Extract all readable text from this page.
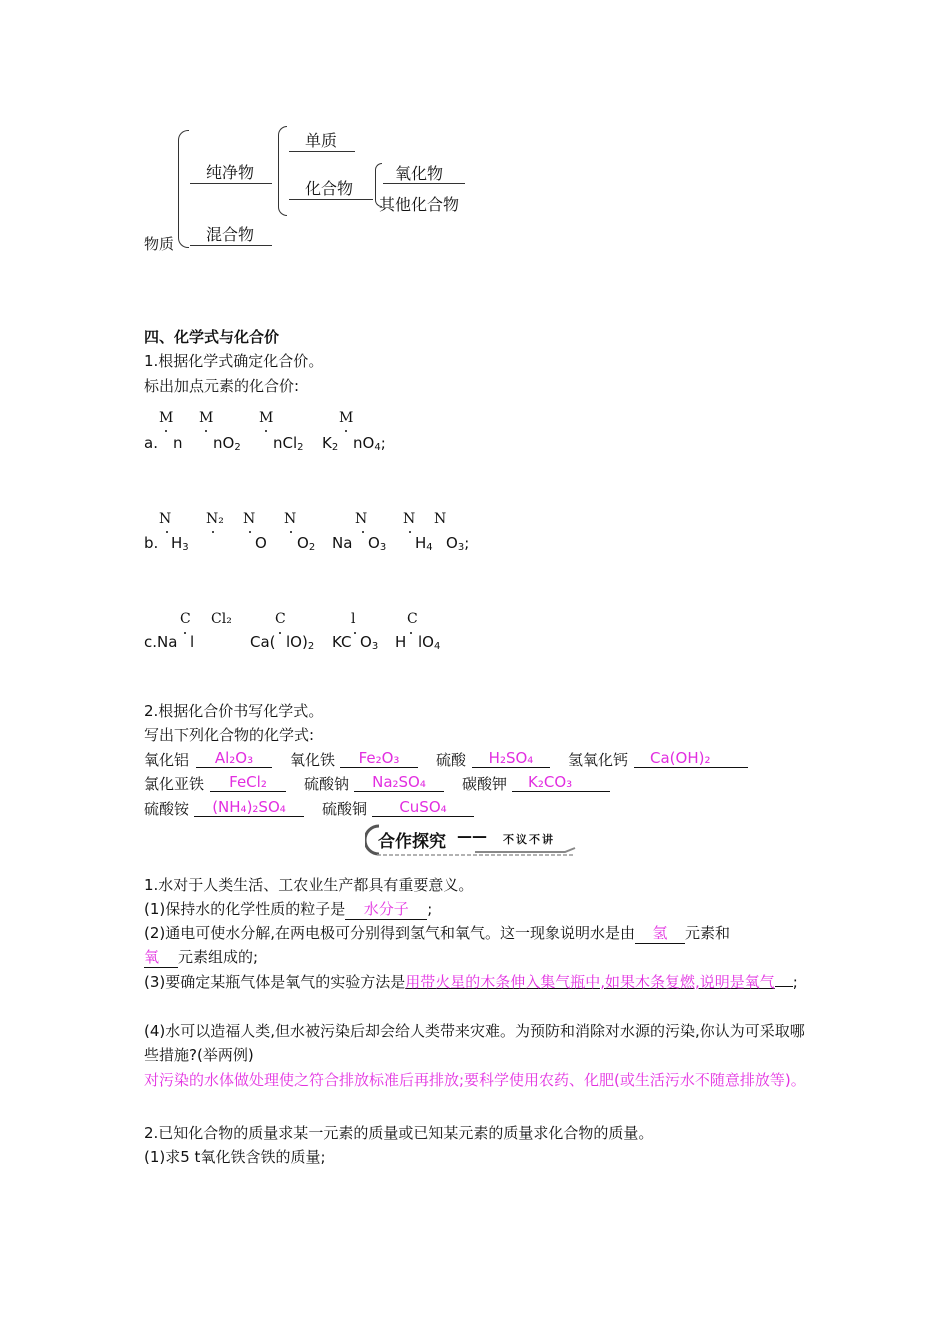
物质
纯净物
混合物
单质
化合物
氧化物
其他化合物
四、化学式与化合价
1.根据化学式确定化合价。
标出加点元素的化合价:
M M	M	M
a. n $nO_2$ nCl$_2$ $K_2$ $nO_4$;
N N₂ N N	N	N N
b. $H_3$	O $O_2$ Na $O_3$ $H_4$ $O_3$;
C Cl₂	C	l	C
c.Na l	Ca( $lO)_2$ KC $O_3$ H $lO_4$
2.根据化合价书写化学式。
写出下列化合物的化学式:
氧化铝	Al₂O₃	氧化铁	Fe₂O₃	硫酸	H₂SO₄	氢氧化钙	Ca(OH)₂
氯化亚铁	FeCl₂	硫酸钠	Na₂SO₄	碳酸钾	K₂CO₃
硫酸铵	(NH₄)₂SO₄	硫酸铜	CuSO₄
合作探究 —— 不议不讲
1.水对于人类生活、工农业生产都具有重要意义。
(1)保持水的化学性质的粒子是 水分子 ;
(2)通电可使水分解,在两电极可分别得到氢气和氧气。这一现象说明水是由 氢 元素和
氧 元素组成的;
(3)要确定某瓶气体是氧气的实验方法是用带火星的木条伸入集气瓶中,如果木条复燃,说明是氧气 ;
(4)水可以造福人类,但水被污染后却会给人类带来灾难。为预防和消除对水源的污染,你认为可采取哪些措施?(举两例)
对污染的水体做处理使之符合排放标准后再排放;要科学使用农药、化肥(或生活污水不随意排放等)。
2.已知化合物的质量求某一元素的质量或已知某元素的质量求化合物的质量。
(1)求5 t氧化铁含铁的质量;
